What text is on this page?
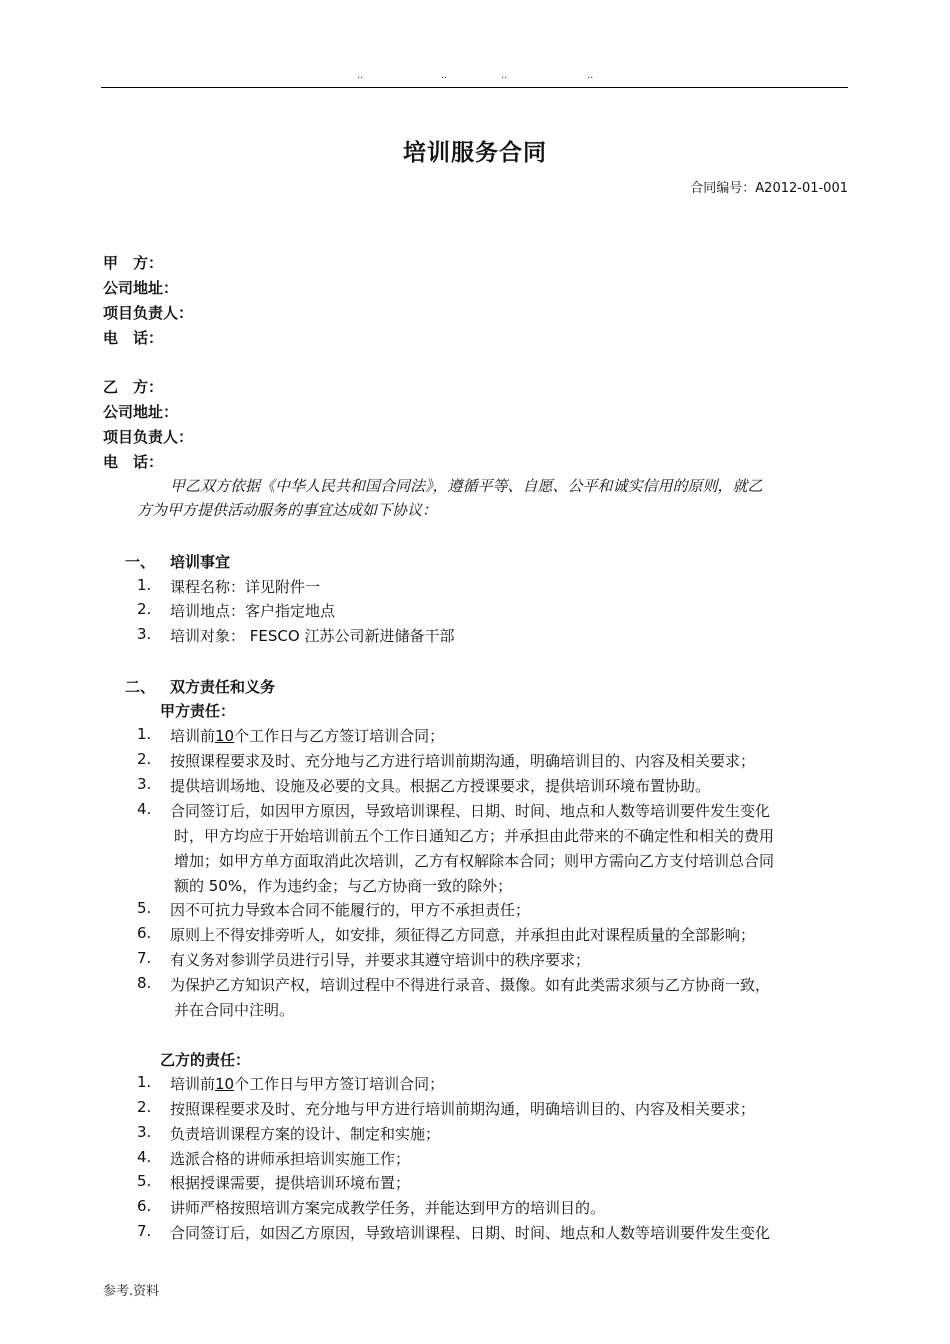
..	..	..	..
培训服务合同
合同编号：A2012-01-001
甲　方：
公司地址：
项目负责人：
电　话：
乙　方：
公司地址：
项目负责人：
电　话：
甲乙双方依据《中华人民共和国合同法》，遵循平等、自愿、公平和诚实信用的原则，就乙
方为甲方提供活动服务的事宜达成如下协议：
一、 培训事宜
1. 课程名称：详见附件一
2. 培训地点：客户指定地点
3. 培训对象： FESCO 江苏公司新进储备干部
二、 双方责任和义务
甲方责任：
1. 培训前10个工作日与乙方签订培训合同；
2. 按照课程要求及时、充分地与乙方进行培训前期沟通，明确培训目的、内容及相关要求；
3. 提供培训场地、设施及必要的文具。根据乙方授课要求，提供培训环境布置协助。
4. 合同签订后，如因甲方原因，导致培训课程、日期、时间、地点和人数等培训要件发生变化
时，甲方均应于开始培训前五个工作日通知乙方；并承担由此带来的不确定性和相关的费用
增加；如甲方单方面取消此次培训，乙方有权解除本合同；则甲方需向乙方支付培训总合同
额的 50%，作为违约金；与乙方协商一致的除外；
5. 因不可抗力导致本合同不能履行的，甲方不承担责任；
6. 原则上不得安排旁听人，如安排，须征得乙方同意，并承担由此对课程质量的全部影响；
7. 有义务对参训学员进行引导，并要求其遵守培训中的秩序要求；
8. 为保护乙方知识产权，培训过程中不得进行录音、摄像。如有此类需求须与乙方协商一致，
并在合同中注明。
乙方的责任：
1. 培训前10个工作日与甲方签订培训合同；
2. 按照课程要求及时、充分地与甲方进行培训前期沟通，明确培训目的、内容及相关要求；
3. 负责培训课程方案的设计、制定和实施；
4. 选派合格的讲师承担培训实施工作；
5. 根据授课需要，提供培训环境布置；
6. 讲师严格按照培训方案完成教学任务，并能达到甲方的培训目的。
7. 合同签订后，如因乙方原因，导致培训课程、日期、时间、地点和人数等培训要件发生变化
参考.资料
